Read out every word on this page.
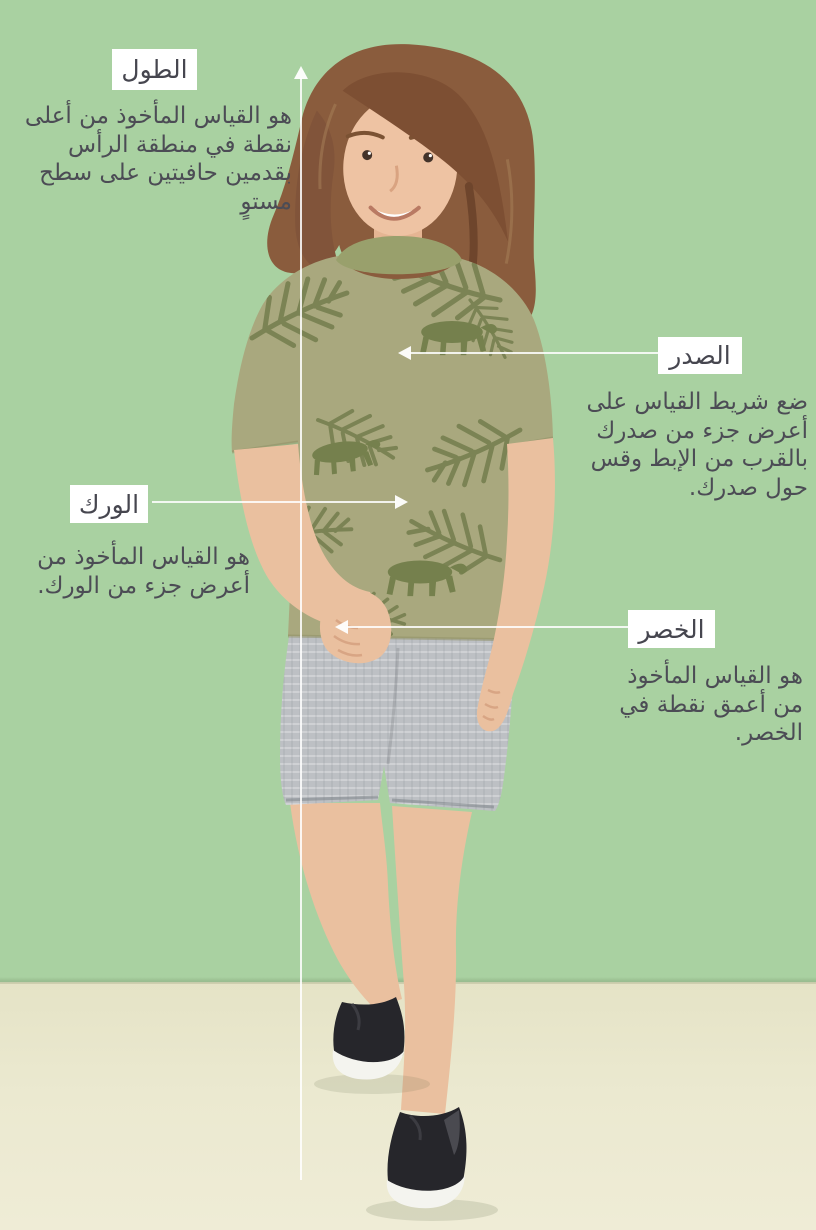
الطول
الصدر
الورك
الخصر
هو القياس المأخوذ من أعلى نقطة في منطقة الرأس بقدمين حافيتين على سطح مستوٍ
ضع شريط القياس على أعرض جزء من صدرك بالقرب من الإبط وقس حول صدرك.
هو القياس المأخوذ من أعرض جزء من الورك.
هو القياس المأخوذ من أعمق نقطة في الخصر.
